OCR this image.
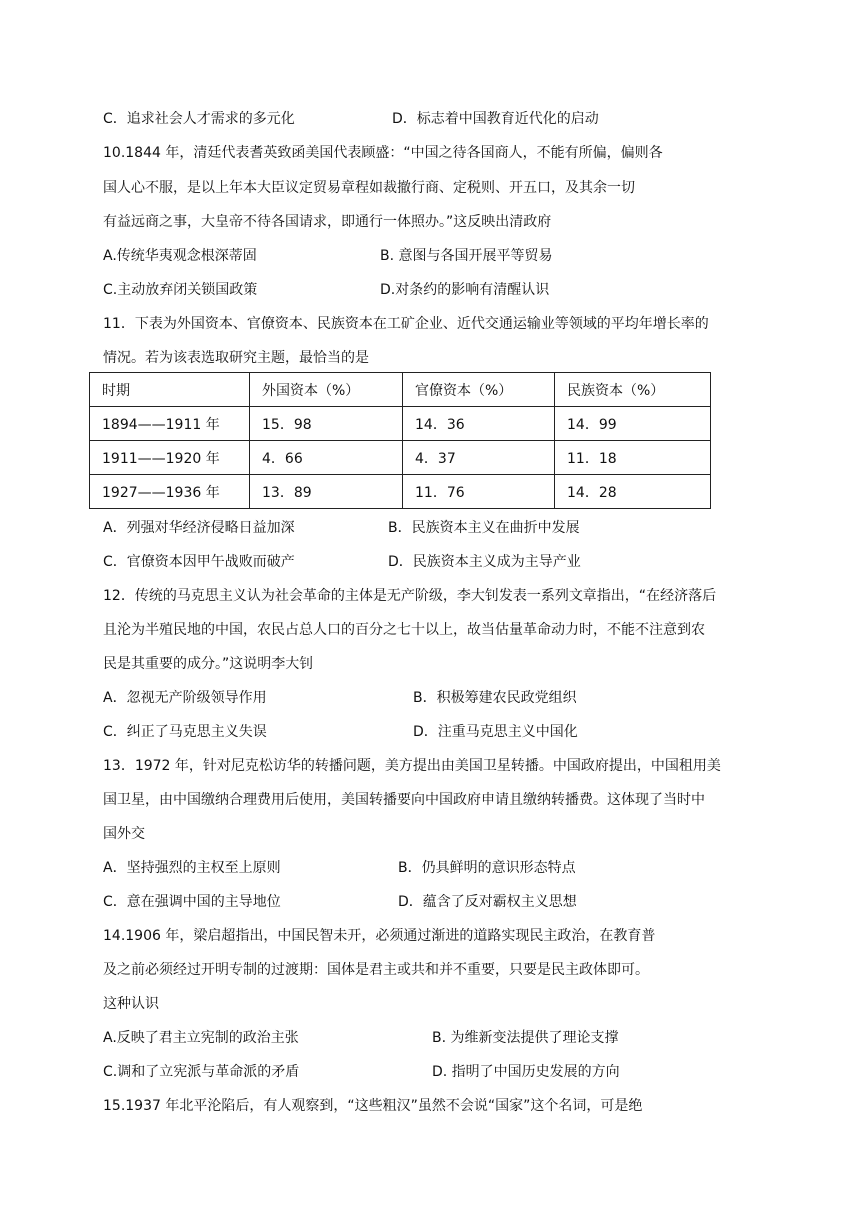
C．追求社会人才需求的多元化	D．标志着中国教育近代化的启动
10.1844 年，清廷代表耆英致函美国代表顾盛：“中国之待各国商人，不能有所偏，偏则各
国人心不服，是以上年本大臣议定贸易章程如裁撤行商、定税则、开五口，及其余一切
有益远商之事，大皇帝不待各国请求，即通行一体照办。”这反映出清政府
A.传统华夷观念根深蒂固	B. 意图与各国开展平等贸易
C.主动放弃闭关锁国政策	D.对条约的影响有清醒认识
11．下表为外国资本、官僚资本、民族资本在工矿企业、近代交通运输业等领域的平均年增长率的
情况。若为该表选取研究主题，最恰当的是
时期	外国资本（%）	官僚资本（%）	民族资本（%）
1894——1911 年	15．98	14．36	14．99
1911——1920 年	4．66	4．37	11．18
1927——1936 年	13．89	11．76	14．28
A．列强对华经济侵略日益加深	B．民族资本主义在曲折中发展
C．官僚资本因甲午战败而破产	D．民族资本主义成为主导产业
12．传统的马克思主义认为社会革命的主体是无产阶级，李大钊发表一系列文章指出，“在经济落后
且沦为半殖民地的中国，农民占总人口的百分之七十以上，故当估量革命动力时，不能不注意到农
民是其重要的成分。”这说明李大钊
A．忽视无产阶级领导作用	B．积极筹建农民政党组织
C．纠正了马克思主义失误	D．注重马克思主义中国化
13．1972 年，针对尼克松访华的转播问题，美方提出由美国卫星转播。中国政府提出，中国租用美
国卫星，由中国缴纳合理费用后使用，美国转播要向中国政府申请且缴纳转播费。这体现了当时中
国外交
A．坚持强烈的主权至上原则	B．仍具鲜明的意识形态特点
C．意在强调中国的主导地位	D．蕴含了反对霸权主义思想
14.1906 年，梁启超指出，中国民智未开，必须通过渐进的道路实现民主政治，在教育普
及之前必须经过开明专制的过渡期：国体是君主或共和并不重要，只要是民主政体即可。
这种认识
A.反映了君主立宪制的政治主张	B. 为维新变法提供了理论支撑
C.调和了立宪派与革命派的矛盾	D. 指明了中国历史发展的方向
15.1937 年北平沦陷后，有人观察到，“这些粗汉”虽然不会说“国家”这个名词，可是绝
